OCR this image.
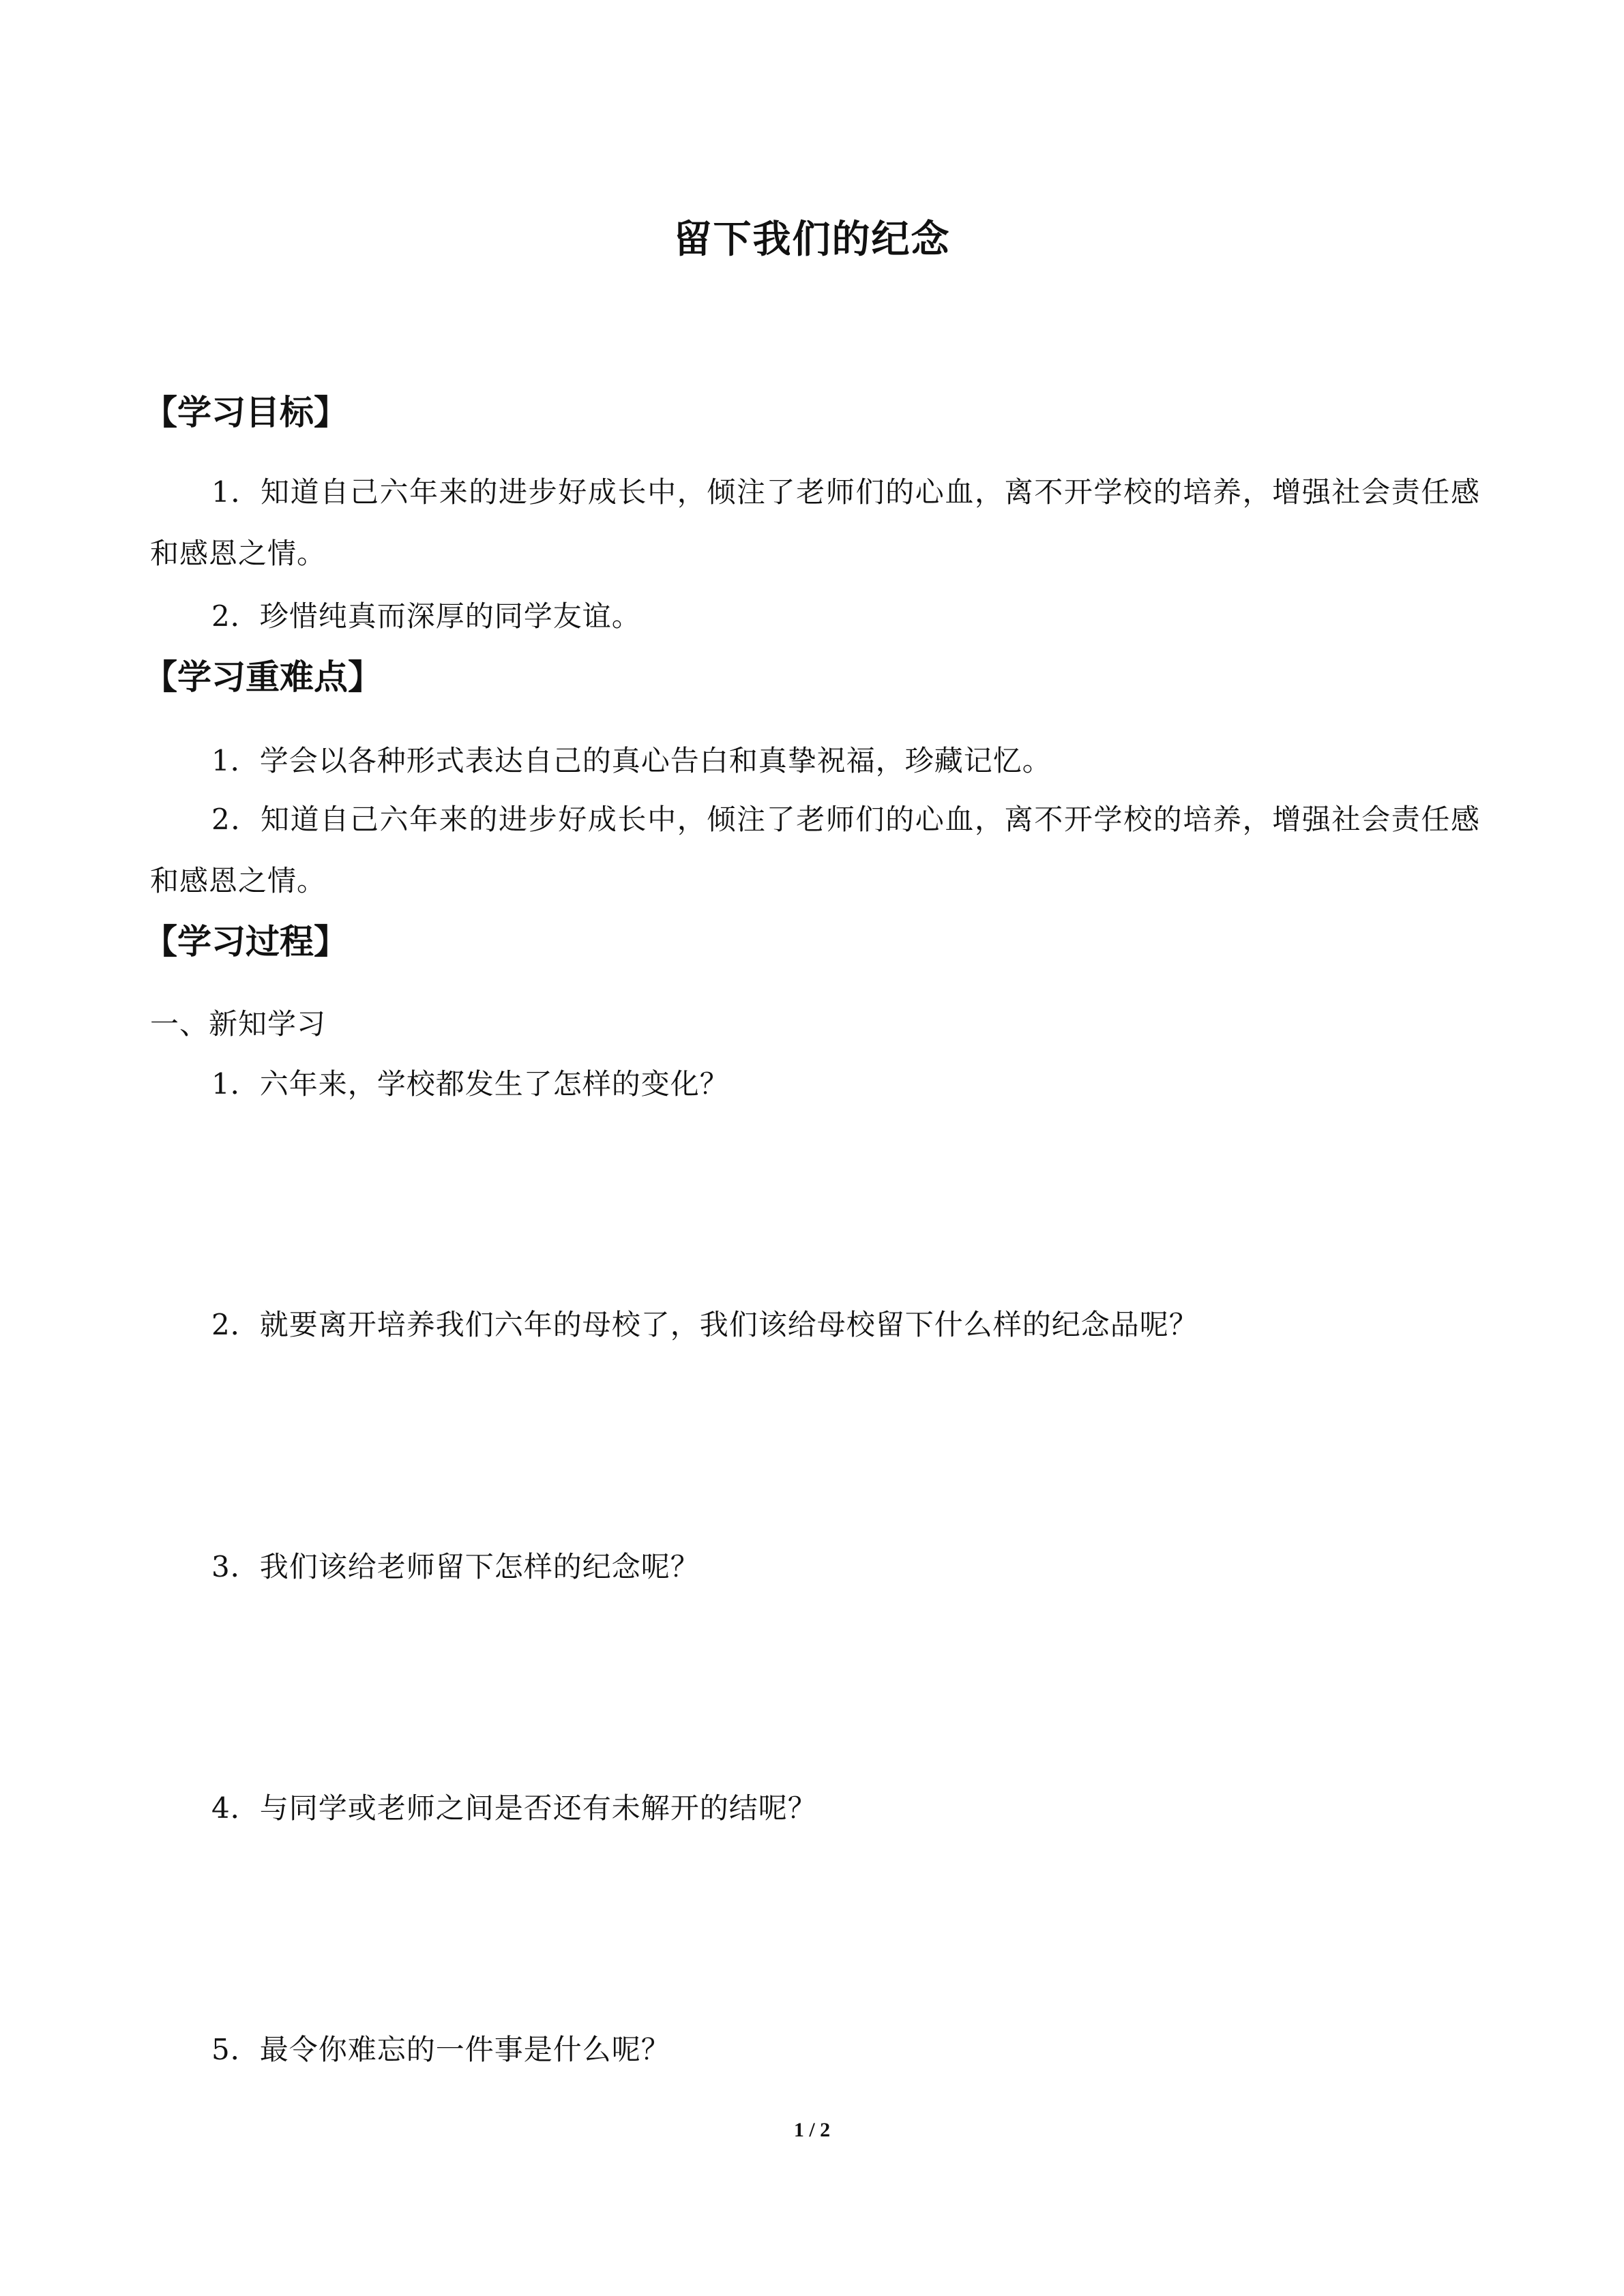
留下我们的纪念
【学习目标】
1．知道自己六年来的进步好成长中，倾注了老师们的心血，离不开学校的培养，增强社会责任感和感恩之情。
2．珍惜纯真而深厚的同学友谊。
【学习重难点】
1．学会以各种形式表达自己的真心告白和真挚祝福，珍藏记忆。
2．知道自己六年来的进步好成长中，倾注了老师们的心血，离不开学校的培养，增强社会责任感和感恩之情。
【学习过程】
一、新知学习
1．六年来，学校都发生了怎样的变化？
2．就要离开培养我们六年的母校了，我们该给母校留下什么样的纪念品呢？
3．我们该给老师留下怎样的纪念呢？
4．与同学或老师之间是否还有未解开的结呢？
5．最令你难忘的一件事是什么呢？
1 / 2
